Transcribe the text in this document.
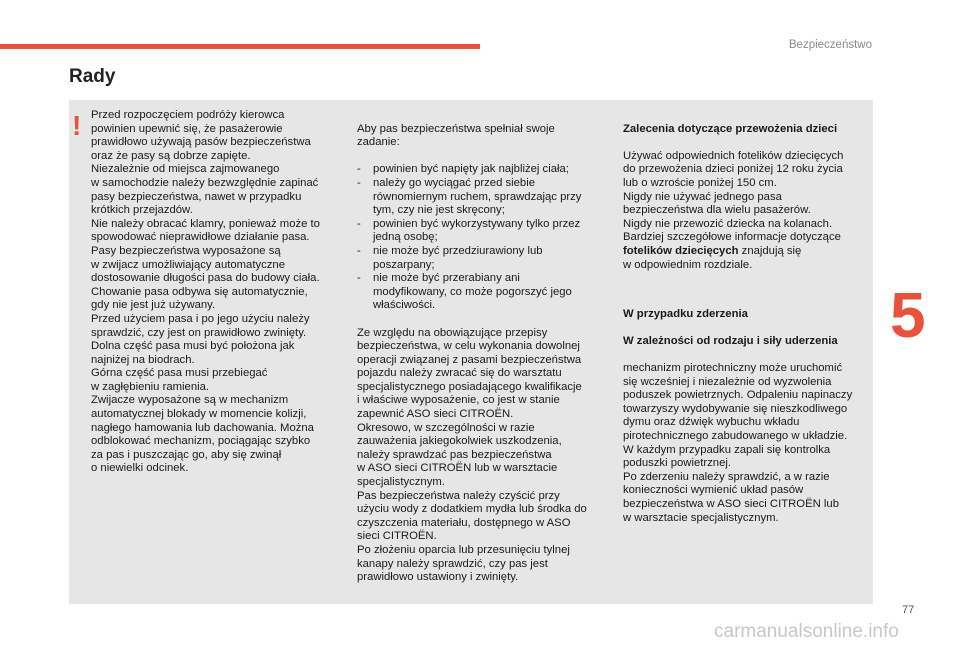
Bezpieczeństwo
Rady
! Przed rozpoczęciem podróży kierowca
powinien upewnić się, że pasażerowie
prawidłowo używają pasów bezpieczeństwa
oraz że pasy są dobrze zapięte.
Niezależnie od miejsca zajmowanego
w samochodzie należy bezwzględnie zapinać
pasy bezpieczeństwa, nawet w przypadku
krótkich przejazdów.
Nie należy obracać klamry, ponieważ może to
spowodować nieprawidłowe działanie pasa.
Pasy bezpieczeństwa wyposażone są
w zwijacz umożliwiający automatyczne
dostosowanie długości pasa do budowy ciała.
Chowanie pasa odbywa się automatycznie,
gdy nie jest już używany.
Przed użyciem pasa i po jego użyciu należy
sprawdzić, czy jest on prawidłowo zwinięty.
Dolna część pasa musi być położona jak
najniżej na biodrach.
Górna część pasa musi przebiegać
w zagłębieniu ramienia.
Zwijacze wyposażone są w mechanizm
automatycznej blokady w momencie kolizji,
nagłego hamowania lub dachowania. Można
odblokować mechanizm, pociągając szybko
za pas i puszczając go, aby się zwinął
o niewielki odcinek.

Aby pas bezpieczeństwa spełniał swoje
zadanie:

-	powinien być napięty jak najbliżej ciała;
-	należy go wyciągać przed siebie
równomiernym ruchem, sprawdzając przy
tym, czy nie jest skręcony;
-	powinien być wykorzystywany tylko przez
jedną osobę;
-	nie może być przedziurawiony lub
poszarpany;
-	nie może być przerabiany ani
modyfikowany, co może pogorszyć jego
właściwości.

Ze względu na obowiązujące przepisy
bezpieczeństwa, w celu wykonania dowolnej
operacji związanej z pasami bezpieczeństwa
pojazdu należy zwracać się do warsztatu
specjalistycznego posiadającego kwalifikacje
i właściwe wyposażenie, co jest w stanie
zapewnić ASO sieci CITROËN.
Okresowo, w szczególności w razie
zauważenia jakiegokolwiek uszkodzenia,
należy sprawdzać pas bezpieczeństwa
w ASO sieci CITROËN lub w warsztacie
specjalistycznym.
Pas bezpieczeństwa należy czyścić przy
użyciu wody z dodatkiem mydła lub środka do
czyszczenia materiału, dostępnego w ASO
sieci CITROËN.
Po złożeniu oparcia lub przesunięciu tylnej
kanapy należy sprawdzić, czy pas jest
prawidłowo ustawiony i zwinięty.

Zalecenia dotyczące przewożenia dzieci

Używać odpowiednich fotelików dziecięcych
do przewożenia dzieci poniżej 12 roku życia
lub o wzroście poniżej 150 cm.
Nigdy nie używać jednego pasa
bezpieczeństwa dla wielu pasażerów.
Nigdy nie przewozić dziecka na kolanach.
Bardziej szczegółowe informacje dotyczące
fotelików dziecięcych znajdują się
w odpowiednim rozdziale.

W przypadku zderzenia

W zależności od rodzaju i siły uderzenia

mechanizm pirotechniczny może uruchomić
się wcześniej i niezależnie od wyzwolenia
poduszek powietrznych. Odpaleniu napinaczy
towarzyszy wydobywanie się nieszkodliwego
dymu oraz dźwięk wybuchu wkładu
pirotechnicznego zabudowanego w układzie.
W każdym przypadku zapali się kontrolka
poduszki powietrznej.
Po zderzeniu należy sprawdzić, a w razie
konieczności wymienić układ pasów
bezpieczeństwa w ASO sieci CITROËN lub
w warsztacie specjalistycznym.

5
77
carmanualsonline.info
